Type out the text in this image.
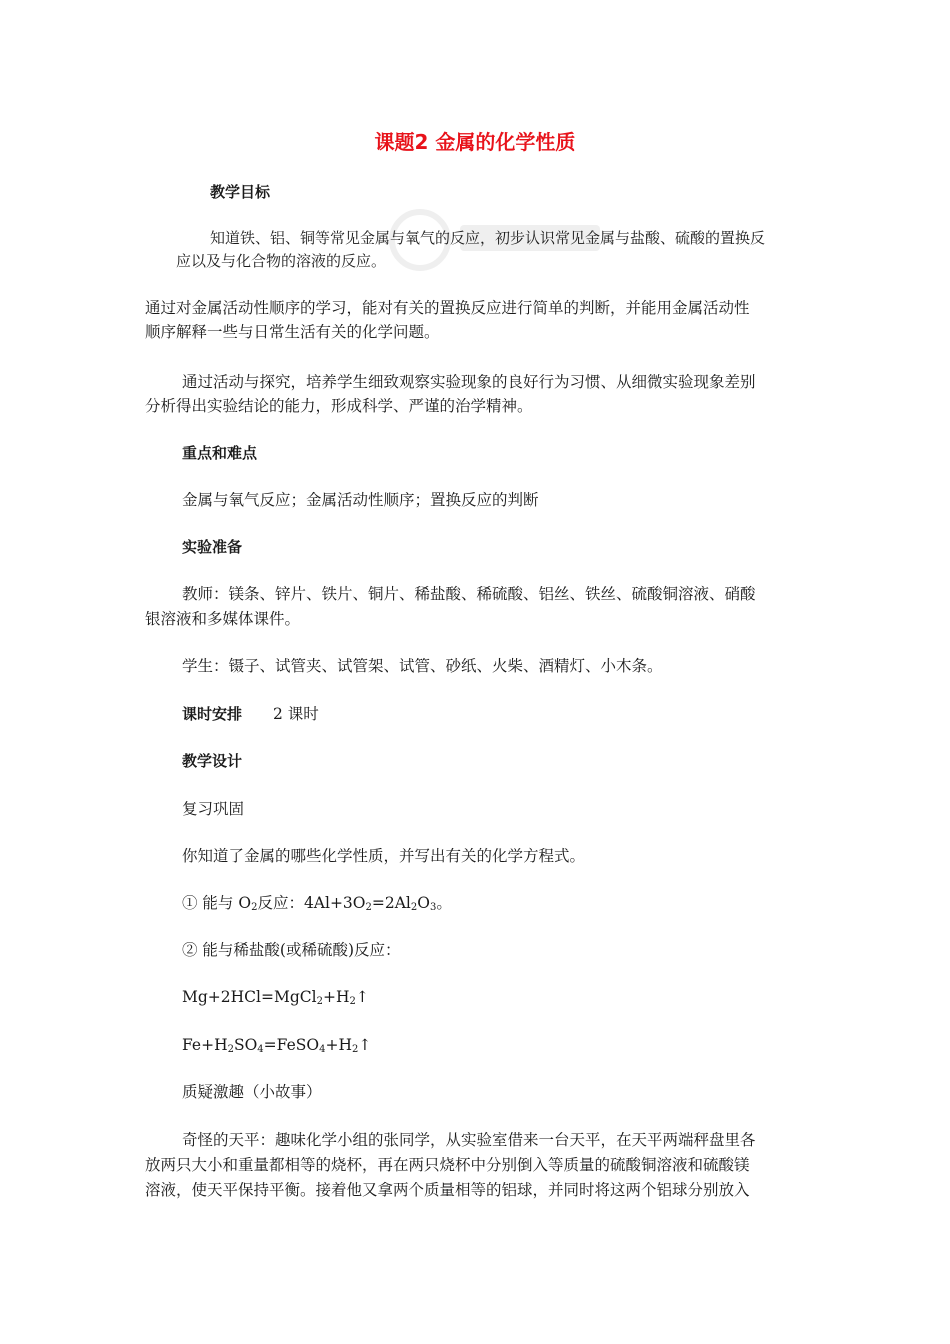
课题2 金属的化学性质
教学目标
知道铁、铝、铜等常见金属与氧气的反应，初步认识常见金属与盐酸、硫酸的置换反
应以及与化合物的溶液的反应。
通过对金属活动性顺序的学习，能对有关的置换反应进行简单的判断，并能用金属活动性
顺序解释一些与日常生活有关的化学问题。
通过活动与探究，培养学生细致观察实验现象的良好行为习惯、从细微实验现象差别
分析得出实验结论的能力，形成科学、严谨的治学精神。
重点和难点
金属与氧气反应；金属活动性顺序；置换反应的判断
实验准备
教师：镁条、锌片、铁片、铜片、稀盐酸、稀硫酸、铝丝、铁丝、硫酸铜溶液、硝酸
银溶液和多媒体课件。
学生：镊子、试管夹、试管架、试管、砂纸、火柴、酒精灯、小木条。
课时安排 2 课时
教学设计
复习巩固
你知道了金属的哪些化学性质，并写出有关的化学方程式。
① 能与 $O_2$反应：$4Al+3O_2=2Al_2O_3$。
② 能与稀盐酸(或稀硫酸)反应：
$Mg+2HCl=MgCl_2+H_2↑$
$Fe+H_2SO_4=FeSO_4+H_2↑$
质疑激趣（小故事）
奇怪的天平：趣味化学小组的张同学，从实验室借来一台天平，在天平两端秤盘里各
放两只大小和重量都相等的烧杯，再在两只烧杯中分别倒入等质量的硫酸铜溶液和硫酸镁
溶液，使天平保持平衡。接着他又拿两个质量相等的铝球，并同时将这两个铝球分别放入
